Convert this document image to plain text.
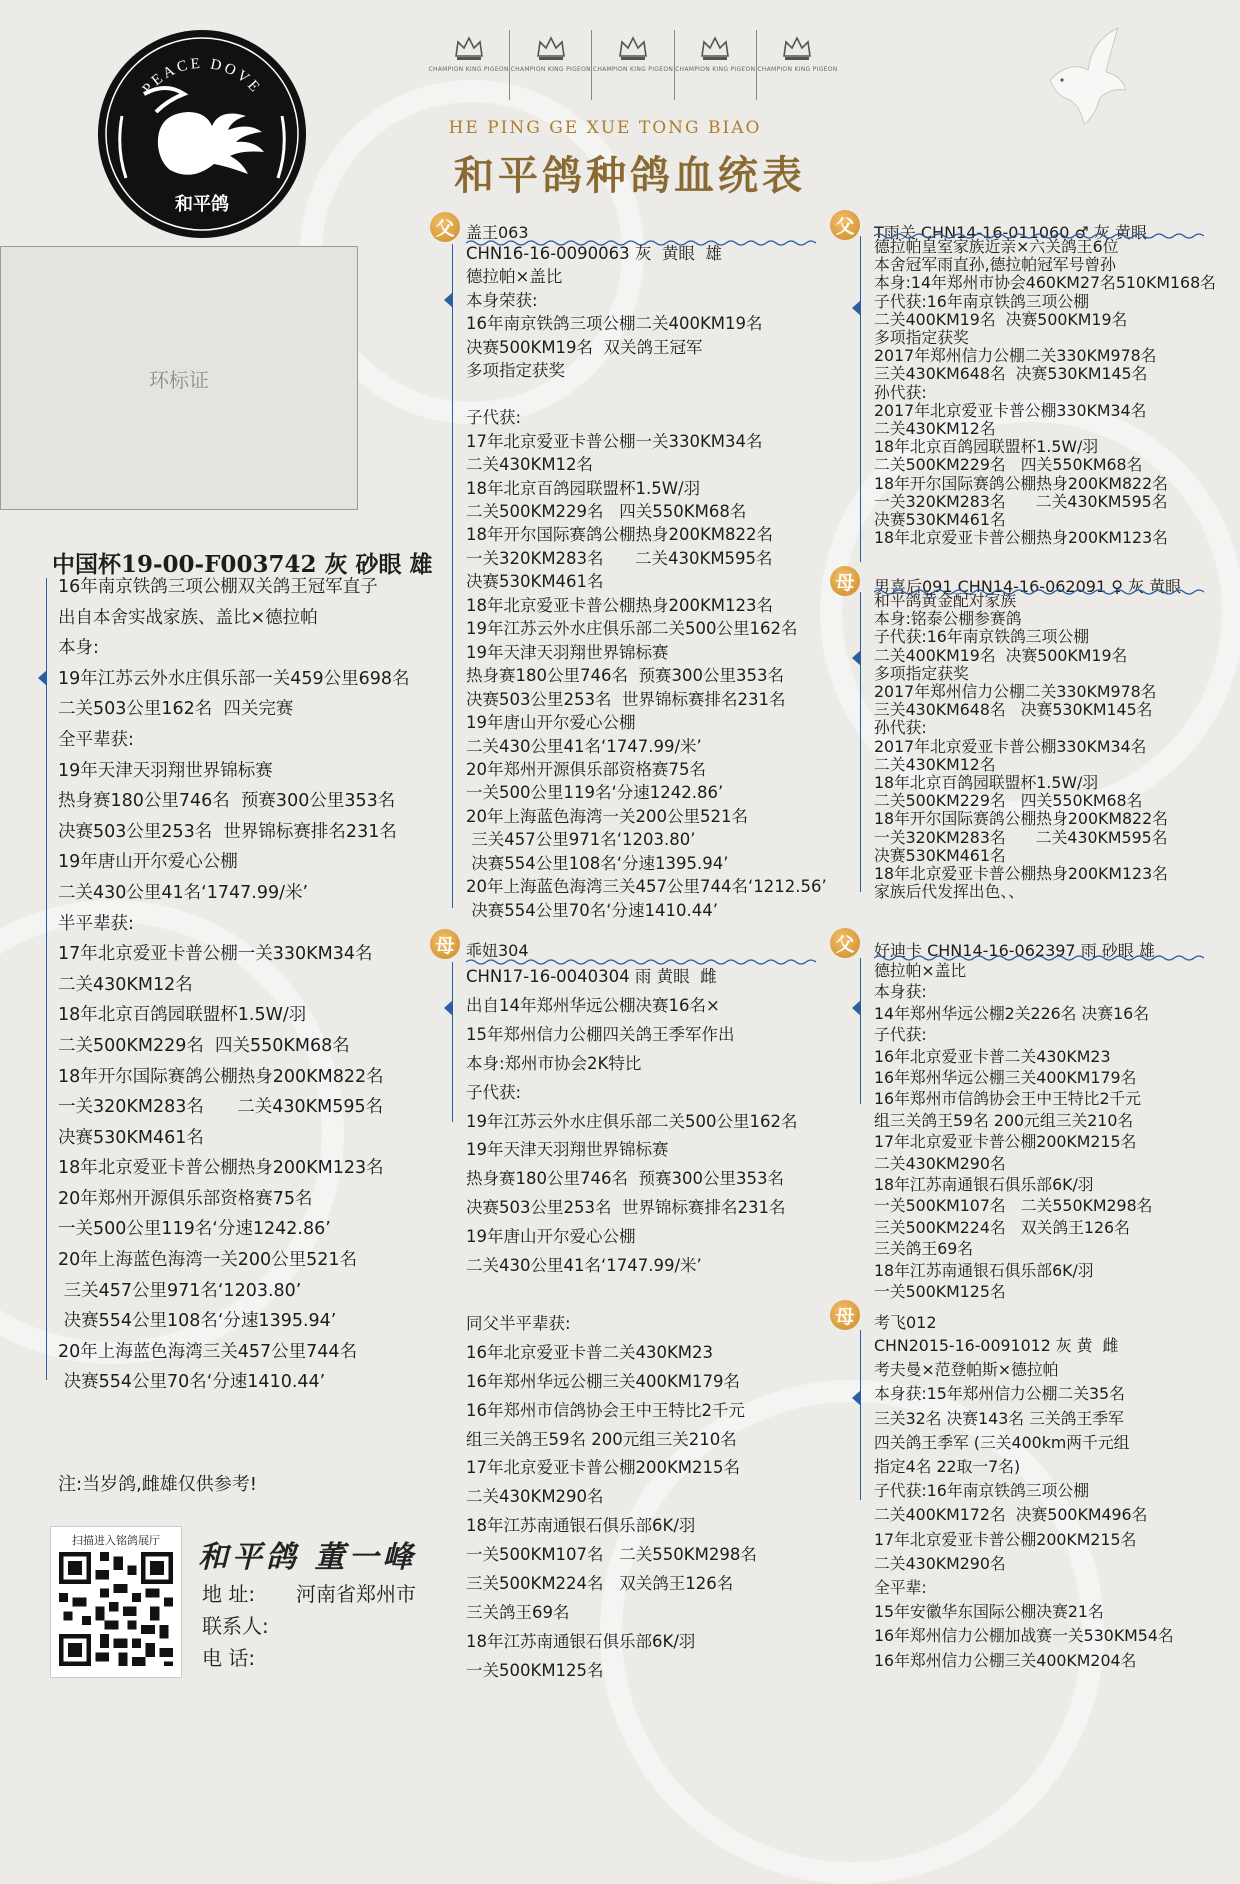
PEACE DOVE
和平鸽
CHAMPION KING PIGEON CHAMPION KING PIGEON CHAMPION KING PIGEON CHAMPION KING PIGEON CHAMPION KING PIGEON
HE PING GE XUE TONG BIAO
和平鸽种鸽血统表
环标证
中国杯19-00-F003742 灰 砂眼 雄
16年南京铁鸽三项公棚双关鸽王冠军直子
出自本舍实战家族、盖比×德拉帕
本身:
19年江苏云外水庄俱乐部一关459公里698名
二关503公里162名  四关完赛
全平辈获:
19年天津天羽翔世界锦标赛
热身赛180公里746名  预赛300公里353名
决赛503公里253名  世界锦标赛排名231名
19年唐山开尔爱心公棚
二关430公里41名‘1747.99/米’
半平辈获:
17年北京爱亚卡普公棚一关330KM34名
二关430KM12名
18年北京百鸽园联盟杯1.5W/羽
二关500KM229名  四关550KM68名
18年开尔国际赛鸽公棚热身200KM822名
一关320KM283名      二关430KM595名
决赛530KM461名
18年北京爱亚卡普公棚热身200KM123名
20年郑州开源俱乐部资格赛75名
一关500公里119名‘分速1242.86’
20年上海蓝色海湾一关200公里521名
三关457公里971名‘1203.80’
决赛554公里108名‘分速1395.94’
20年上海蓝色海湾三关457公里744名
决赛554公里70名‘分速1410.44’
注:当岁鸽,雌雄仅供参考!
扫描进入铭鸽展厅	和平鸽 董一峰
地 址: 河南省郑州市
联系人:
电 话:
父 盖王063
CHN16-16-0090063 灰  黄眼  雄
德拉帕×盖比
本身荣获:
16年南京铁鸽三项公棚二关400KM19名
决赛500KM19名  双关鸽王冠军
多项指定获奖
子代获:
17年北京爱亚卡普公棚一关330KM34名
二关430KM12名
18年北京百鸽园联盟杯1.5W/羽
二关500KM229名   四关550KM68名
18年开尔国际赛鸽公棚热身200KM822名
一关320KM283名      二关430KM595名
决赛530KM461名
18年北京爱亚卡普公棚热身200KM123名
19年江苏云外水庄俱乐部二关500公里162名
19年天津天羽翔世界锦标赛
热身赛180公里746名  预赛300公里353名
决赛503公里253名  世界锦标赛排名231名
19年唐山开尔爱心公棚
二关430公里41名‘1747.99/米’
20年郑州开源俱乐部资格赛75名
一关500公里119名‘分速1242.86’
20年上海蓝色海湾一关200公里521名
三关457公里971名‘1203.80’
决赛554公里108名‘分速1395.94’
20年上海蓝色海湾三关457公里744名‘1212.56’
决赛554公里70名‘分速1410.44’
母 乖妞304
CHN17-16-0040304 雨 黄眼  雌
出自14年郑州华远公棚决赛16名×
15年郑州信力公棚四关鸽王季军作出
本身:郑州市协会2K特比
子代获:
19年江苏云外水庄俱乐部二关500公里162名
19年天津天羽翔世界锦标赛
热身赛180公里746名  预赛300公里353名
决赛503公里253名  世界锦标赛排名231名
19年唐山开尔爱心公棚
二关430公里41名‘1747.99/米’
同父半平辈获:
16年北京爱亚卡普二关430KM23
16年郑州华远公棚三关400KM179名
16年郑州市信鸽协会王中王特比2千元
组三关鸽王59名 200元组三关210名
17年北京爱亚卡普公棚200KM215名
二关430KM290名
18年江苏南通银石俱乐部6K/羽
一关500KM107名   二关550KM298名
三关500KM224名   双关鸽王126名
三关鸽王69名
18年江苏南通银石俱乐部6K/羽
一关500KM125名
父	T雨关 CHN14-16-011060 ♂ 灰 黄眼
德拉帕皇室家族近亲×六关鸽王6位
本舍冠军雨直孙,德拉帕冠军号曾孙
本身:14年郑州市协会460KM27名510KM168名
子代获:16年南京铁鸽三项公棚
二关400KM19名  决赛500KM19名
多项指定获奖
2017年郑州信力公棚二关330KM978名
三关430KM648名  决赛530KM145名
孙代获:
2017年北京爱亚卡普公棚330KM34名
二关430KM12名
18年北京百鸽园联盟杯1.5W/羽
二关500KM229名   四关550KM68名
18年开尔国际赛鸽公棚热身200KM822名
一关320KM283名      二关430KM595名
决赛530KM461名
18年北京爱亚卡普公棚热身200KM123名
母	男喜后091 CHN14-16-062091 ♀ 灰 黄眼
和平鸽黄金配对家族
本身:铭泰公棚参赛鸽
子代获:16年南京铁鸽三项公棚
二关400KM19名  决赛500KM19名
多项指定获奖
2017年郑州信力公棚二关330KM978名
三关430KM648名   决赛530KM145名
孙代获:
2017年北京爱亚卡普公棚330KM34名
二关430KM12名
18年北京百鸽园联盟杯1.5W/羽
二关500KM229名   四关550KM68名
18年开尔国际赛鸽公棚热身200KM822名
一关320KM283名      二关430KM595名
决赛530KM461名
18年北京爱亚卡普公棚热身200KM123名
家族后代发挥出色、、
父	好迪卡 CHN14-16-062397 雨 砂眼 雄
德拉帕×盖比
本身获:
14年郑州华远公棚2关226名 决赛16名
子代获:
16年北京爱亚卡普二关430KM23
16年郑州华远公棚三关400KM179名
16年郑州市信鸽协会王中王特比2千元
组三关鸽王59名 200元组三关210名
17年北京爱亚卡普公棚200KM215名
二关430KM290名
18年江苏南通银石俱乐部6K/羽
一关500KM107名   二关550KM298名
三关500KM224名   双关鸽王126名
三关鸽王69名
18年江苏南通银石俱乐部6K/羽
一关500KM125名
母	考飞012
CHN2015-16-0091012 灰 黄  雌
考夫曼×范登帕斯×德拉帕
本身获:15年郑州信力公棚二关35名
三关32名 决赛143名 三关鸽王季军
四关鸽王季军 (三关400km两千元组
指定4名 22取一7名)
子代获:16年南京铁鸽三项公棚
二关400KM172名  决赛500KM496名
17年北京爱亚卡普公棚200KM215名
二关430KM290名
全平辈:
15年安徽华东国际公棚决赛21名
16年郑州信力公棚加战赛一关530KM54名
16年郑州信力公棚三关400KM204名
